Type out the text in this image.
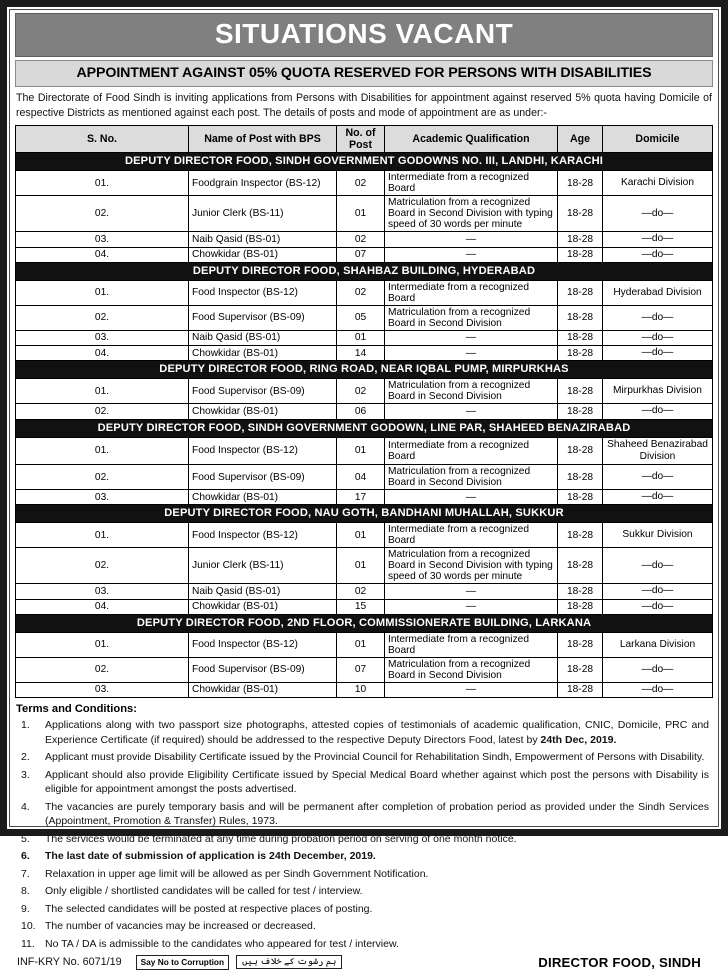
SITUATIONS VACANT
APPOINTMENT AGAINST 05% QUOTA RESERVED FOR PERSONS WITH DISABILITIES
The Directorate of Food Sindh is inviting applications from Persons with Disabilities for appointment against reserved 5% quota having Domicile of respective Districts as mentioned against each post. The details of posts and mode of appointment are as under:-
S. No.	Name of Post with BPS	No. of Post	Academic Qualification	Age	Domicile
DEPUTY DIRECTOR FOOD, SINDH GOVERNMENT GODOWNS NO. III, LANDHI, KARACHI					
01.	Foodgrain Inspector (BS-12)	02	Intermediate from a recognized Board	18-28	Karachi Division
02.	Junior Clerk (BS-11)	01	Matriculation from a recognized Board in Second Division with typing speed of 30 words per minute	18-28	—do—
03.	Naib Qasid (BS-01)	02	—	18-28	—do—
04.	Chowkidar (BS-01)	07	—	18-28	—do—
DEPUTY DIRECTOR FOOD, SHAHBAZ BUILDING, HYDERABAD					
01.	Food Inspector (BS-12)	02	Intermediate from a recognized Board	18-28	Hyderabad Division
02.	Food Supervisor (BS-09)	05	Matriculation from a recognized Board in Second Division	18-28	—do—
03.	Naib Qasid (BS-01)	01	—	18-28	—do—
04.	Chowkidar (BS-01)	14	—	18-28	—do—
DEPUTY DIRECTOR FOOD, RING ROAD, NEAR IQBAL PUMP, MIRPURKHAS					
01.	Food Supervisor (BS-09)	02	Matriculation from a recognized Board in Second Division	18-28	Mirpurkhas Division
02.	Chowkidar (BS-01)	06	—	18-28	—do—
DEPUTY DIRECTOR FOOD, SINDH GOVERNMENT GODOWN, LINE PAR, SHAHEED BENAZIRABAD					
01.	Food Inspector (BS-12)	01	Intermediate from a recognized Board	18-28	Shaheed Benazirabad Division
02.	Food Supervisor (BS-09)	04	Matriculation from a recognized Board in Second Division	18-28	—do—
03.	Chowkidar (BS-01)	17	—	18-28	—do—
DEPUTY DIRECTOR FOOD, NAU GOTH, BANDHANI MUHALLAH, SUKKUR					
01.	Food Inspector (BS-12)	01	Intermediate from a recognized Board	18-28	Sukkur Division
02.	Junior Clerk (BS-11)	01	Matriculation from a recognized Board in Second Division with typing speed of 30 words per minute	18-28	—do—
03.	Naib Qasid (BS-01)	02	—	18-28	—do—
04.	Chowkidar (BS-01)	15	—	18-28	—do—
DEPUTY DIRECTOR FOOD, 2ND FLOOR, COMMISSIONERATE BUILDING, LARKANA					
01.	Food Inspector (BS-12)	01	Intermediate from a recognized Board	18-28	Larkana Division
02.	Food Supervisor (BS-09)	07	Matriculation from a recognized Board in Second Division	18-28	—do—
03.	Chowkidar (BS-01)	10	—	18-28	—do—
Terms and Conditions:
1.	Applications along with two passport size photographs, attested copies of testimonials of academic qualification, CNIC, Domicile, PRC and Experience Certificate (if required) should be addressed to the respective Deputy Directors Food, latest by 24th Dec, 2019.
2.	Applicant must provide Disability Certificate issued by the Provincial Council for Rehabilitation Sindh, Empowerment of Persons with Disability.
3.	Applicant should also provide Eligibility Certificate issued by Special Medical Board whether against which post the persons with Disability is eligible for appointment amongst the posts advertised.
4.	The vacancies are purely temporary basis and will be permanent after completion of probation period as provided under the Sindh Services (Appointment, Promotion & Transfer) Rules, 1973.
5.	The services would be terminated at any time during probation period on serving of one month notice.
6.	The last date of submission of application is 24th December, 2019.
7.	Relaxation in upper age limit will be allowed as per Sindh Government Notification.
8.	Only eligible / shortlisted candidates will be called for test / interview.
9.	The selected candidates will be posted at respective places of posting.
10. The number of vacancies may be increased or decreased.
11. No TA / DA is admissible to the candidates who appeared for test / interview.
INF-KRY No. 6071/19	Say No to Corruption	ہم رشوت کے خلاف ہیں	DIRECTOR FOOD, SINDH
